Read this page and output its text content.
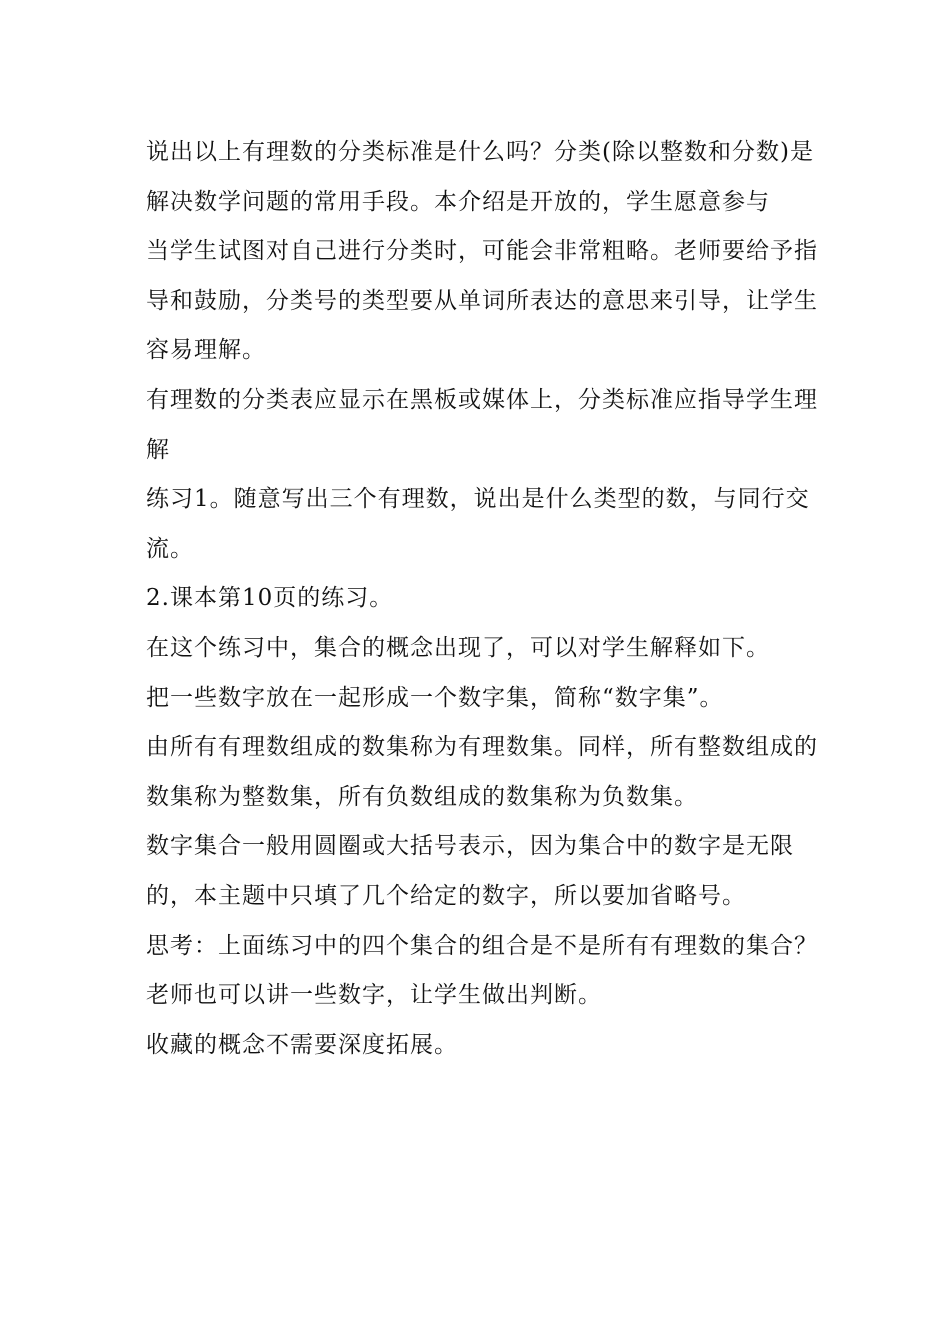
说出以上有理数的分类标准是什么吗？分类(除以整数和分数)是解决数学问题的常用手段。本介绍是开放的，学生愿意参与

当学生试图对自己进行分类时，可能会非常粗略。老师要给予指导和鼓励，分类号的类型要从单词所表达的意思来引导，让学生容易理解。

有理数的分类表应显示在黑板或媒体上，分类标准应指导学生理解

练习1。随意写出三个有理数，说出是什么类型的数，与同行交流。

2.课本第10页的练习。

在这个练习中，集合的概念出现了，可以对学生解释如下。

把一些数字放在一起形成一个数字集，简称“数字集”。

由所有有理数组成的数集称为有理数集。同样，所有整数组成的数集称为整数集，所有负数组成的数集称为负数集。

数字集合一般用圆圈或大括号表示，因为集合中的数字是无限的，本主题中只填了几个给定的数字，所以要加省略号。

思考：上面练习中的四个集合的组合是不是所有有理数的集合？

老师也可以讲一些数字，让学生做出判断。

收藏的概念不需要深度拓展。
